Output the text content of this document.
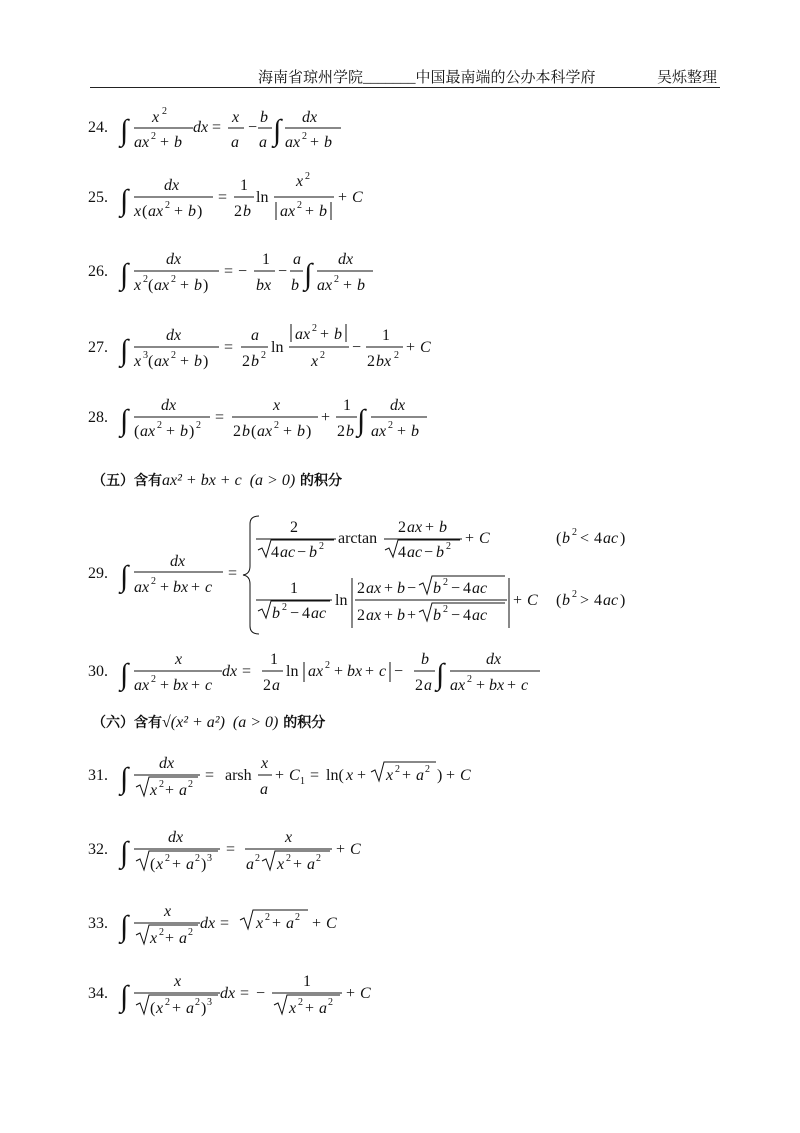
海南省琼州学院_______中国最南端的公办本科学府	吴烁整理
24. ∫ x 2
ax 2 + b
dx =
x
a
−
b
a ∫ dx
ax 2 + b
25. ∫ dx
x ( ax 2 + b )
=
1
2 b
ln
x 2
ax 2 + b
+ C
26. ∫ dx
x 2 ( ax 2 + b )
= −
1
bx
−
a
b ∫ dx
ax 2 + b
27. ∫ dx
x 3 ( ax 2 + b )
=
a
2 b 2 ln
ax 2 + b
x 2 −
1
2 bx 2 + C
28. ∫ dx
( ax 2 + b ) 2 =
x
2 b ( ax 2 + b )
+
1
2 b ∫ dx
ax 2 + b
（五）含有ax² + bx + c  (a > 0) 的积分
29. ∫	dx
ax 2 + bx + c
=
2
4 ac − b 2 arctan
2 ax + b
4 ac − b 2 + C	( b 2 < 4 ac )
1
b 2 − 4 ac
ln
2 ax + b − b 2 − 4 ac
2 ax + b + b 2 − 4 ac
+ C ( b 2 > 4 ac )
30. ∫	x
ax 2 + bx + c
dx =
1
2 a
ln ax 2 + bx + c −
b
2 a ∫	dx
ax 2 + bx + c
（六）含有√(x² + a²)  (a > 0) 的积分
31. ∫ dx
x 2 + a 2
= arsh
x
a
+ C 1 = ln( x + x 2 + a 2 ) + C
32. ∫ dx
( x 2 + a 2 ) 3
=
x
a 2 x 2 + a 2
+ C
33. ∫ x
x 2 + a 2
dx = x 2 + a 2 + C
34. ∫	x
( x 2 + a 2 ) 3
dx = −
1
x 2 + a 2
+ C
